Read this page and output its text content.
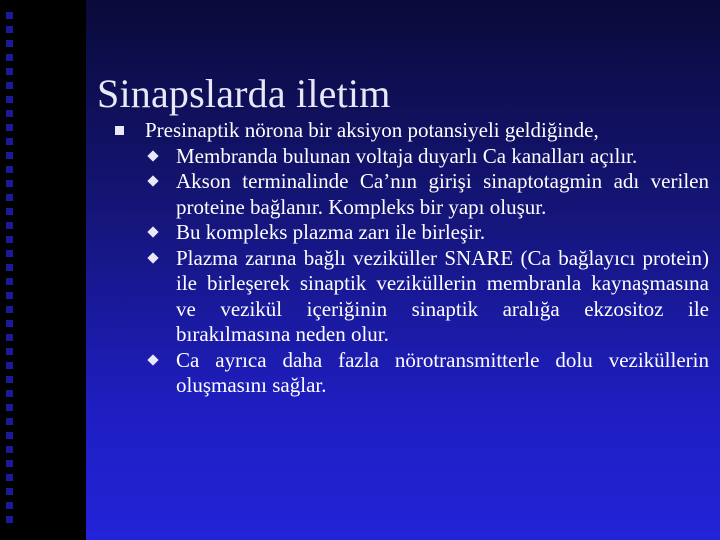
Sinapslarda iletim
Presinaptik nörona bir aksiyon potansiyeli geldiğinde,
Membranda bulunan voltaja duyarlı Ca kanalları açılır.
Akson terminalinde Ca’nın girişi sinaptotagmin adı verilen proteine bağlanır. Kompleks bir yapı oluşur.
Bu kompleks plazma zarı ile birleşir.
Plazma zarına bağlı veziküller SNARE (Ca bağlayıcı protein) ile birleşerek sinaptik veziküllerin membranla kaynaşmasına ve vezikül içeriğinin sinaptik aralığa ekzositoz ile bırakılmasına neden olur.
Ca ayrıca daha fazla nörotransmitterle dolu veziküllerin oluşmasını sağlar.
